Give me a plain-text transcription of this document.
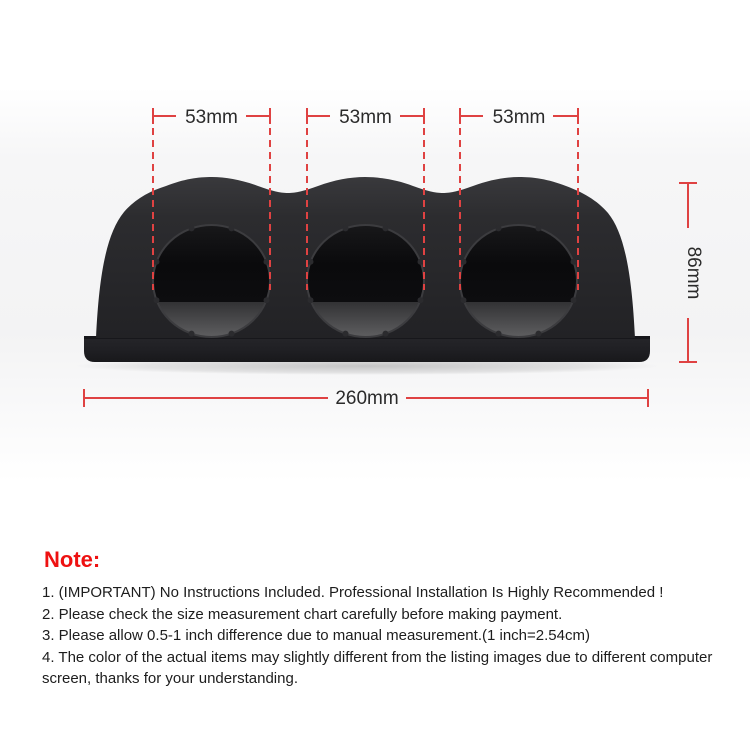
53mm	53mm	53mm
86mm
260mm
Note:

1. (IMPORTANT) No Instructions Included. Professional Installation Is Highly Recommended !

2. Please check the size measurement chart carefully before making payment.

3. Please allow 0.5-1 inch difference due to manual measurement.(1 inch=2.54cm)

4. The color of the actual items may slightly different from the listing images due to different computer screen, thanks for your understanding.
